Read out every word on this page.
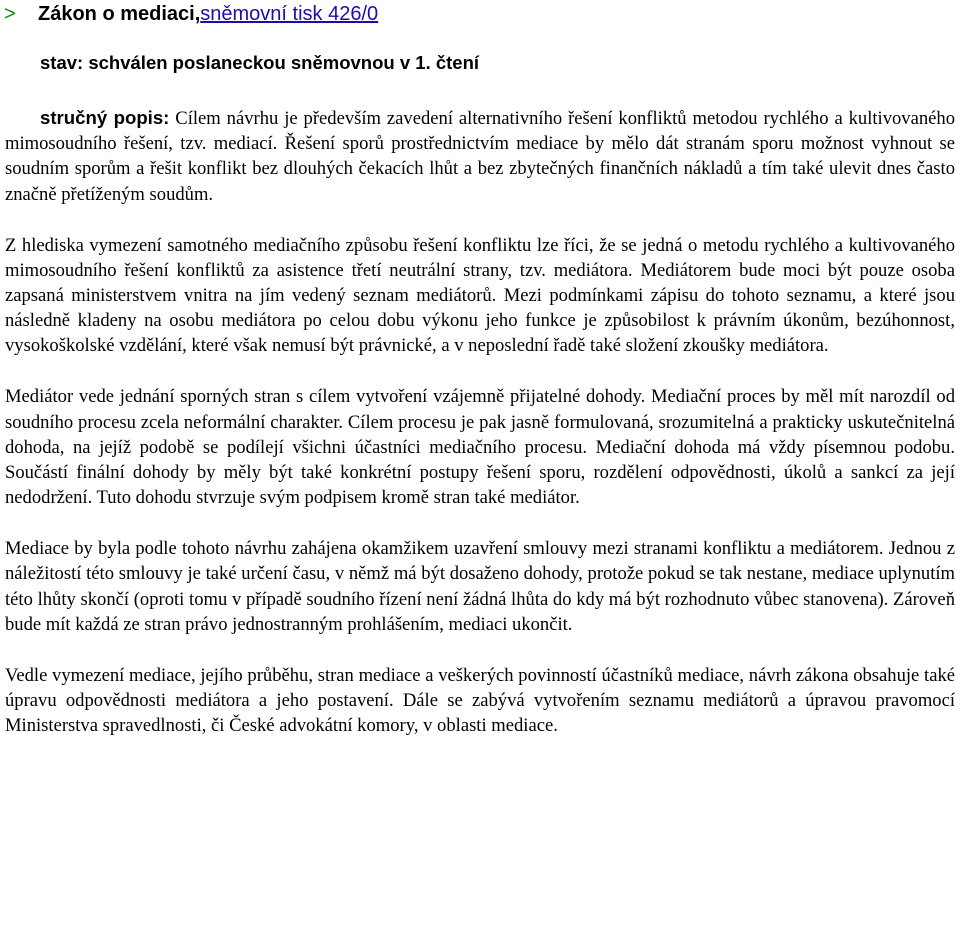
>	Zákon o mediaci, sněmovní tisk 426/0
stav: schválen poslaneckou sněmovnou v 1. čtení

stručný popis: Cílem návrhu je především zavedení alternativního řešení konfliktů metodou rychlého a kultivovaného mimosoudního řešení, tzv. mediací. Řešení sporů prostřednictvím mediace by mělo dát stranám sporu možnost vyhnout se soudním sporům a řešit konflikt bez dlouhých čekacích lhůt a bez zbytečných finančních nákladů a tím také ulevit dnes často značně přetíženým soudům.

Z hlediska vymezení samotného mediačního způsobu řešení konfliktu lze říci, že se jedná o metodu rychlého a kultivovaného mimosoudního řešení konfliktů za asistence třetí neutrální strany, tzv. mediátora. Mediátorem bude moci být pouze osoba zapsaná ministerstvem vnitra na jím vedený seznam mediátorů. Mezi podmínkami zápisu do tohoto seznamu, a které jsou následně kladeny na osobu mediátora po celou dobu výkonu jeho funkce je způsobilost k právním úkonům, bezúhonnost, vysokoškolské vzdělání, které však nemusí být právnické, a v neposlední řadě také složení zkoušky mediátora.

Mediátor vede jednání sporných stran s cílem vytvoření vzájemně přijatelné dohody. Mediační proces by měl mít narozdíl od soudního procesu zcela neformální charakter. Cílem procesu je pak jasně formulovaná, srozumitelná a prakticky uskutečnitelná dohoda, na jejíž podobě se podílejí všichni účastníci mediačního procesu. Mediační dohoda má vždy písemnou podobu. Součástí finální dohody by měly být také konkrétní postupy řešení sporu, rozdělení odpovědnosti, úkolů a sankcí za její nedodržení. Tuto dohodu stvrzuje svým podpisem kromě stran také mediátor.

Mediace by byla podle tohoto návrhu zahájena okamžikem uzavření smlouvy mezi stranami konfliktu a mediátorem. Jednou z náležitostí této smlouvy je také určení času, v němž má být dosaženo dohody, protože pokud se tak nestane, mediace uplynutím této lhůty skončí (oproti tomu v případě soudního řízení není žádná lhůta do kdy má být rozhodnuto vůbec stanovena). Zároveň bude mít každá ze stran právo jednostranným prohlášením, mediaci ukončit.

Vedle vymezení mediace, jejího průběhu, stran mediace a veškerých povinností účastníků mediace, návrh zákona obsahuje také úpravu odpovědnosti mediátora a jeho postavení. Dále se zabývá vytvořením seznamu mediátorů a úpravou pravomocí Ministerstva spravedlnosti, či České advokátní komory, v oblasti mediace.
